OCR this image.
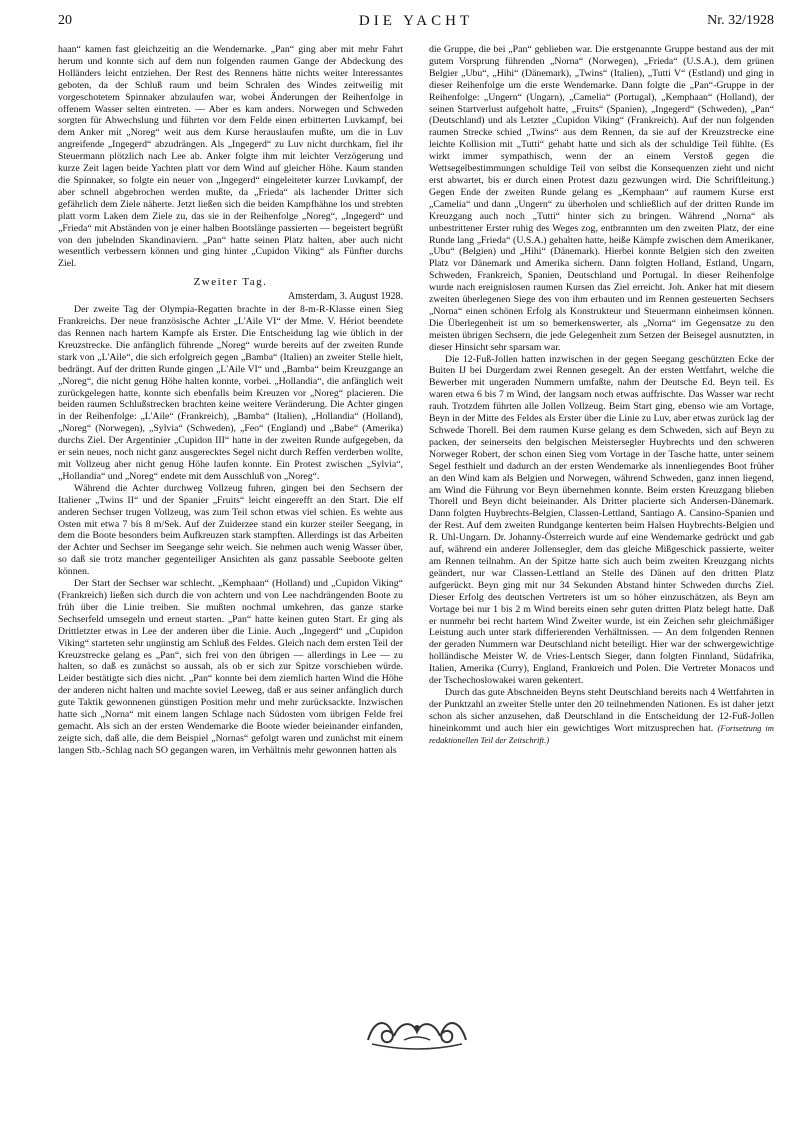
20	DIE YACHT	Nr. 32/1928

haan“ kamen fast gleichzeitig an die Wendemarke. „Pan“ ging aber mit mehr Fahrt herum und konnte sich auf dem nun folgenden raumen Gange der Abdeckung des Holländers leicht entziehen. Der Rest des Rennens hätte nichts weiter Interessantes geboten, da der Schluß raum und beim Schralen des Windes zeitweilig mit vorgeschotetem Spinnaker abzulaufen war, wobei Änderungen der Reihenfolge in offenem Wasser selten eintreten. — Aber es kam anders. Norwegen und Schweden sorgten für Abwechslung und führten vor dem Felde einen erbitterten Luvkampf, bei dem Anker mit „Noreg“ weit aus dem Kurse herauslaufen mußte, um die in Luv angreifende „Ingegerd“ abzudrängen. Als „Ingegerd“ zu Luv nicht durchkam, fiel ihr Steuermann plötzlich nach Lee ab. Anker folgte ihm mit leichter Verzögerung und kurze Zeit lagen beide Yachten platt vor dem Wind auf gleicher Höhe. Kaum standen die Spinnaker, so folgte ein neuer von „Ingegerd“ eingeleiteter kurzer Luvkampf, der aber schnell abgebrochen werden mußte, da „Frieda“ als lachender Dritter sich gefährlich dem Ziele näherte. Jetzt ließen sich die beiden Kampfhähne los und strebten platt vorm Laken dem Ziele zu, das sie in der Reihenfolge „Noreg“, „Ingegerd“ und „Frieda“ mit Abständen von je einer halben Bootslänge passierten — begeistert begrüßt von den jubelnden Skandinaviern. „Pan“ hatte seinen Platz halten, aber auch nicht wesentlich verbessern können und ging hinter „Cupidon Viking“ als Fünfter durchs Ziel.

Zweiter Tag.
Amsterdam, 3. August 1928.

Der zweite Tag der Olympia-Regatten brachte in der 8-m-R-Klasse einen Sieg Frankreichs. Der neue französische Achter „L'Aile VI“ der Mme. V. Hériot beendete das Rennen nach hartem Kampfe als Erster. Die Entscheidung lag wie üblich in der Kreuzstrecke. Die anfänglich führende „Noreg“ wurde bereits auf der zweiten Runde stark von „L'Aile“, die sich erfolgreich gegen „Bamba“ (Italien) an zweiter Stelle hielt, bedrängt. Auf der dritten Runde gingen „L'Aile VI“ und „Bamba“ beim Kreuzgange an „Noreg“, die nicht genug Höhe halten konnte, vorbei. „Hollandia“, die anfänglich weit zurückgelegen hatte, konnte sich ebenfalls beim Kreuzen vor „Noreg“ placieren. Die beiden raumen Schlußstrecken brachten keine weitere Veränderung. Die Achter gingen in der Reihenfolge: „L'Aile“ (Frankreich), „Bamba“ (Italien), „Hollandia“ (Holland), „Noreg“ (Norwegen), „Sylvia“ (Schweden), „Feo“ (England) und „Babe“ (Amerika) durchs Ziel. Der Argentinier „Cupidon III“ hatte in der zweiten Runde aufgegeben, da er sein neues, noch nicht ganz ausgerecktes Segel nicht durch Reffen verderben wollte, mit Vollzeug aber nicht genug Höhe laufen konnte. Ein Protest zwischen „Sylvia“, „Hollandia“ und „Noreg“ endete mit dem Ausschluß von „Noreg“.

Während die Achter durchweg Vollzeug fuhren, gingen bei den Sechsern der Italiener „Twins II“ und der Spanier „Fruits“ leicht eingerefft an den Start. Die elf anderen Sechser trugen Vollzeug, was zum Teil schon etwas viel schien. Es wehte aus Osten mit etwa 7 bis 8 m/Sek. Auf der Zuiderzee stand ein kurzer steiler Seegang, in dem die Boote besonders beim Aufkreuzen stark stampften. Allerdings ist das Arbeiten der Achter und Sechser im Seegange sehr weich. Sie nehmen auch wenig Wasser über, so daß sie trotz mancher gegenteiliger Ansichten als ganz passable Seeboote gelten können.

Der Start der Sechser war schlecht. „Kemphaan“ (Holland) und „Cupidon Viking“ (Frankreich) ließen sich durch die von achtern und von Lee nachdrängenden Boote zu früh über die Linie treiben. Sie mußten nochmal umkehren, das ganze starke Sechserfeld umsegeln und erneut starten. „Pan“ hatte keinen guten Start. Er ging als Drittletzter etwas in Lee der anderen über die Linie. Auch „Ingegerd“ und „Cupidon Viking“ starteten sehr ungünstig am Schluß des Feldes. Gleich nach dem ersten Teil der Kreuzstrecke gelang es „Pan“, sich frei von den übrigen — allerdings in Lee — zu halten, so daß es zunächst so aussah, als ob er sich zur Spitze vorschieben würde. Leider bestätigte sich dies nicht. „Pan“ konnte bei dem ziemlich harten Wind die Höhe der anderen nicht halten und machte soviel Leeweg, daß er aus seiner anfänglich durch gute Taktik gewonnenen günstigen Position mehr und mehr zurücksackte. Inzwischen hatte sich „Norna“ mit einem langen Schlage nach Südosten vom übrigen Felde frei gemacht. Als sich an der ersten Wendemarke die Boote wieder beieinander einfanden, zeigte sich, daß alle, die dem Beispiel „Nornas“ gefolgt waren und zunächst mit einem langen Stb.-Schlag nach SO gegangen waren, im Verhältnis mehr gewonnen hatten als

die Gruppe, die bei „Pan“ geblieben war. Die erstgenannte Gruppe bestand aus der mit gutem Vorsprung führenden „Norna“ (Norwegen), „Frieda“ (U.S.A.), dem grünen Belgier „Ubu“, „Hihi“ (Dänemark), „Twins“ (Italien), „Tutti V“ (Estland) und ging in dieser Reihenfolge um die erste Wendemarke. Dann folgte die „Pan“-Gruppe in der Reihenfolge: „Ungern“ (Ungarn), „Camelia“ (Portugal), „Kemphaan“ (Holland), der seinen Startverlust aufgeholt hatte, „Fruits“ (Spanien), „Ingegerd“ (Schweden), „Pan“ (Deutschland) und als Letzter „Cupidon Viking“ (Frankreich). Auf der nun folgenden raumen Strecke schied „Twins“ aus dem Rennen, da sie auf der Kreuzstrecke eine leichte Kollision mit „Tutti“ gehabt hatte und sich als der schuldige Teil fühlte. (Es wirkt immer sympathisch, wenn der an einem Verstoß gegen die Wettsegelbestimmungen schuldige Teil von selbst die Konsequenzen zieht und nicht erst abwartet, bis er durch einen Protest dazu gezwungen wird. Die Schriftleitung.) Gegen Ende der zweiten Runde gelang es „Kemphaan“ auf raumem Kurse erst „Camelia“ und dann „Ungern“ zu überholen und schließlich auf der dritten Runde im Kreuzgang auch noch „Tutti“ hinter sich zu bringen. Während „Norna“ als unbestrittener Erster ruhig des Weges zog, entbrannten um den zweiten Platz, der eine Runde lang „Frieda“ (U.S.A.) gehalten hatte, heiße Kämpfe zwischen dem Amerikaner, „Ubu“ (Belgien) und „Hihi“ (Dänemark). Hierbei konnte Belgien sich den zweiten Platz vor Dänemark und Amerika sichern. Dann folgten Holland, Estland, Ungarn, Schweden, Frankreich, Spanien, Deutschland und Portugal. In dieser Reihenfolge wurde nach ereignislosen raumen Kursen das Ziel erreicht. Joh. Anker hat mit diesem zweiten überlegenen Siege des von ihm erbauten und im Rennen gesteuerten Sechsers „Norna“ einen schönen Erfolg als Konstrukteur und Steuermann einheimsen können. Die Überlegenheit ist um so bemerkenswerter, als „Norna“ im Gegensatze zu den meisten übrigen Sechsern, die jede Gelegenheit zum Setzen der Beisegel ausnutzten, in dieser Hinsicht sehr sparsam war.

Die 12-Fuß-Jollen hatten inzwischen in der gegen Seegang geschützten Ecke der Buiten IJ bei Durgerdam zwei Rennen gesegelt. An der ersten Wettfahrt, welche die Bewerber mit ungeraden Nummern umfaßte, nahm der Deutsche Ed. Beyn teil. Es waren etwa 6 bis 7 m Wind, der langsam noch etwas auffrischte. Das Wasser war recht rauh. Trotzdem führten alle Jollen Vollzeug. Beim Start ging, ebenso wie am Vortage, Beyn in der Mitte des Feldes als Erster über die Linie zu Luv, aber etwas zurück lag der Schwede Thorell. Bei dem raumen Kurse gelang es dem Schweden, sich auf Beyn zu packen, der seinerseits den belgischen Meistersegler Huybrechts und den schweren Norweger Robert, der schon einen Sieg vom Vortage in der Tasche hatte, unter seinem Segel festhielt und dadurch an der ersten Wendemarke als innenliegendes Boot früher an den Wind kam als Belgien und Norwegen, während Schweden, ganz innen liegend, am Wind die Führung vor Beyn übernehmen konnte. Beim ersten Kreuzgang blieben Thorell und Beyn dicht beieinander. Als Dritter placierte sich Andersen-Dänemark. Dann folgten Huybrechts-Belgien, Classen-Lettland, Santiago A. Cansino-Spanien und der Rest. Auf dem zweiten Rundgange kenterten beim Halsen Huybrechts-Belgien und R. Uhl-Ungarn. Dr. Johanny-Österreich wurde auf eine Wendemarke gedrückt und gab auf, während ein anderer Jollensegler, dem das gleiche Mißgeschick passierte, weiter am Rennen teilnahm. An der Spitze hatte sich auch beim zweiten Kreuzgang nichts geändert, nur war Classen-Lettland an Stelle des Dänen auf den dritten Platz aufgerückt. Beyn ging mit nur 34 Sekunden Abstand hinter Schweden durchs Ziel. Dieser Erfolg des deutschen Vertreters ist um so höher einzuschätzen, als Beyn am Vortage bei nur 1 bis 2 m Wind bereits einen sehr guten dritten Platz belegt hatte. Daß er nunmehr bei recht hartem Wind Zweiter wurde, ist ein Zeichen sehr gleichmäßiger Leistung auch unter stark differierenden Verhältnissen. — An dem folgenden Rennen der geraden Nummern war Deutschland nicht beteiligt. Hier war der schwergewichtige holländische Meister W. de Vries-Lentsch Sieger, dann folgten Finnland, Südafrika, Italien, Amerika (Curry), England, Frankreich und Polen. Die Vertreter Monacos und der Tschechoslowakei waren gekentert.

Durch das gute Abschneiden Beyns steht Deutschland bereits nach 4 Wettfahrten in der Punktzahl an zweiter Stelle unter den 20 teilnehmenden Nationen. Es ist daher jetzt schon als sicher anzusehen, daß Deutschland in die Entscheidung der 12-Fuß-Jollen hineinkommt und auch hier ein gewichtiges Wort mitzusprechen hat. (Fortsetzung im redaktionellen Teil der Zeitschrift.)
